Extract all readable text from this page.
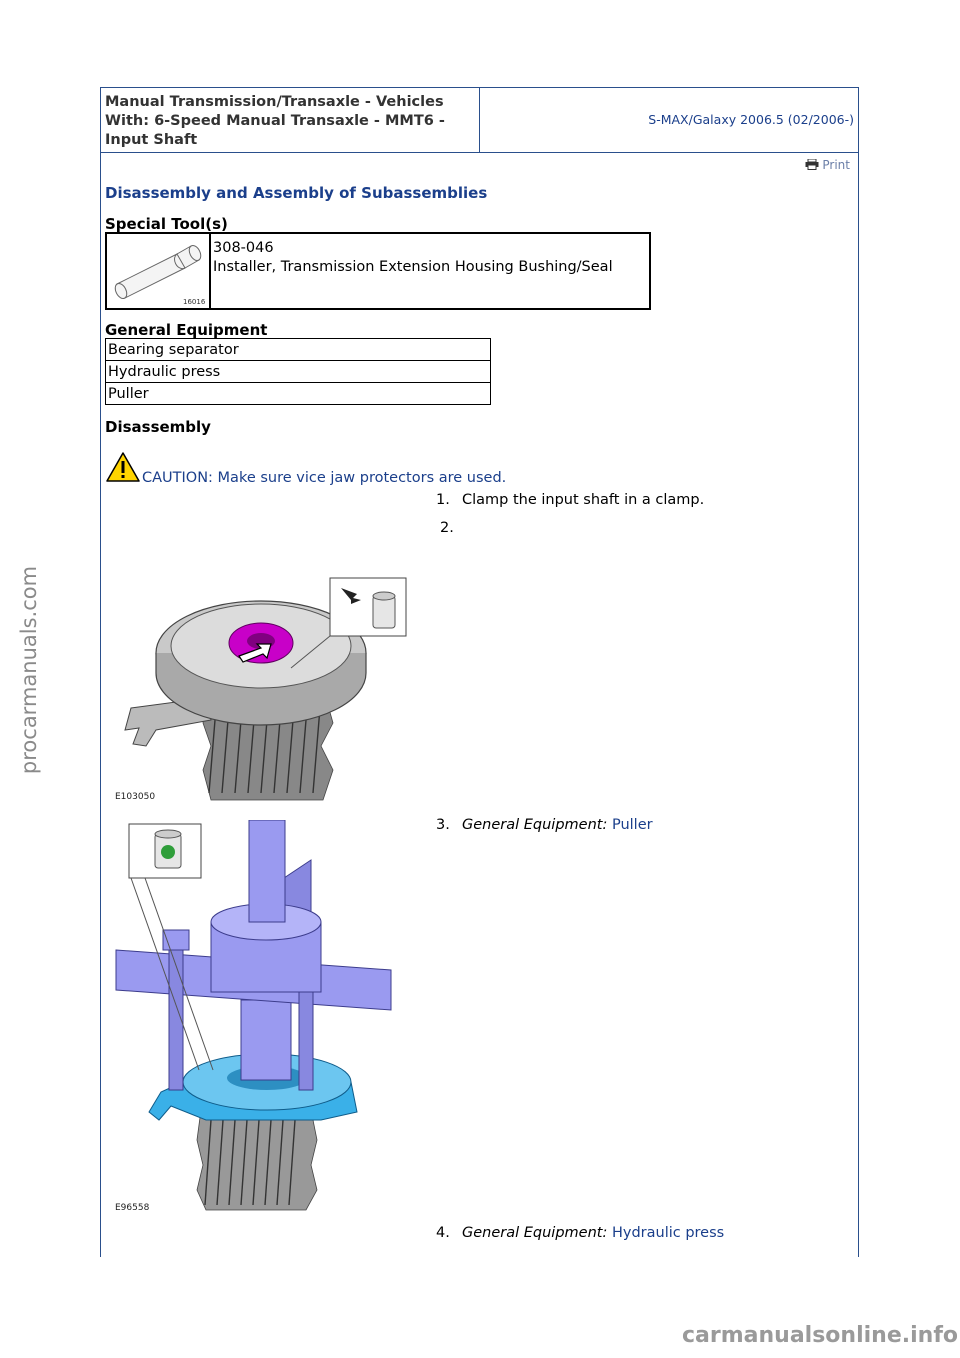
Manual Transmission/Transaxle - Vehicles
With: 6-Speed Manual Transaxle - MMT6 -
Input Shaft
S-MAX/Galaxy 2006.5 (02/2006-)
Print
Disassembly and Assembly of Subassemblies
Special Tool(s)
16016
308-046
Installer, Transmission Extension Housing Bushing/Seal
General Equipment
Bearing separator
Hydraulic press
Puller
Disassembly
CAUTION: Make sure vice jaw protectors are used.
1. Clamp the input shaft in a clamp.
2.
E103050
3. General Equipment: Puller
E96558
4. General Equipment: Hydraulic press
procarmanuals.com
carmanualsonline.info
